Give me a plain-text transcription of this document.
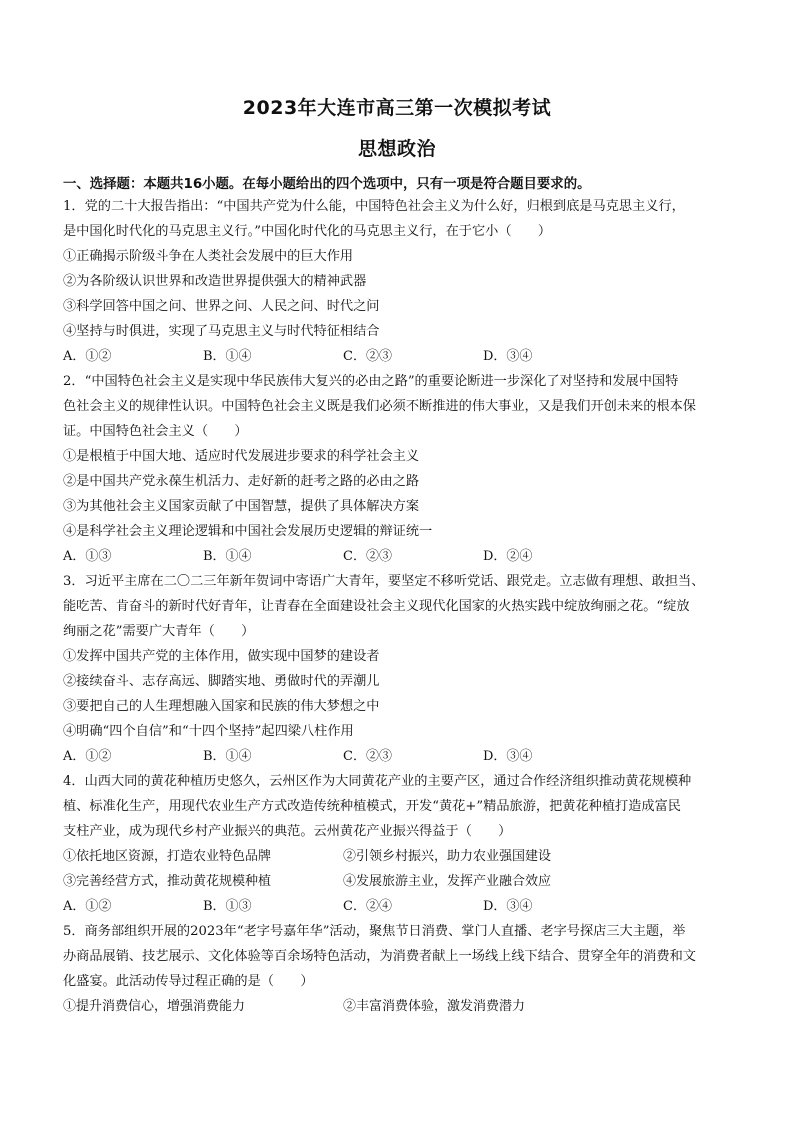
2023年大连市高三第一次模拟考试
思想政治
一、选择题：本题共16小题。在每小题给出的四个选项中，只有一项是符合题目要求的。
1．党的二十大报告指出：“中国共产党为什么能，中国特色社会主义为什么好，归根到底是马克思主义行，
是中国化时代化的马克思主义行。”中国化时代化的马克思主义行，在于它小（　　）
①正确揭示阶级斗争在人类社会发展中的巨大作用
②为各阶级认识世界和改造世界提供强大的精神武器
③科学回答中国之问、世界之问、人民之问、时代之问
④坚持与时俱进，实现了马克思主义与时代特征相结合
A．①②	B．①④	C．②③	D．③④
2．“中国特色社会主义是实现中华民族伟大复兴的必由之路”的重要论断进一步深化了对坚持和发展中国特
色社会主义的规律性认识。中国特色社会主义既是我们必须不断推进的伟大事业，又是我们开创未来的根本保
证。中国特色社会主义（　　）
①是根植于中国大地、适应时代发展进步要求的科学社会主义
②是中国共产党永葆生机活力、走好新的赶考之路的必由之路
③为其他社会主义国家贡献了中国智慧，提供了具体解决方案
④是科学社会主义理论逻辑和中国社会发展历史逻辑的辩证统一
A．①③	B．①④	C．②③	D．②④
3．习近平主席在二〇二三年新年贺词中寄语广大青年，要坚定不移听党话、跟党走。立志做有理想、敢担当、
能吃苦、肯奋斗的新时代好青年，让青春在全面建设社会主义现代化国家的火热实践中绽放绚丽之花。“绽放
绚丽之花”需要广大青年（　　）
①发挥中国共产党的主体作用，做实现中国梦的建设者
②接续奋斗、志存高远、脚踏实地、勇做时代的弄潮儿
③要把自己的人生理想融入国家和民族的伟大梦想之中
④明确“四个自信”和“十四个坚持”起四梁八柱作用
A．①②	B．①④	C．②③	D．③④
4．山西大同的黄花种植历史悠久，云州区作为大同黄花产业的主要产区，通过合作经济组织推动黄花规模种
植、标准化生产，用现代农业生产方式改造传统种植模式，开发“黄花+”精品旅游，把黄花种植打造成富民
支柱产业，成为现代乡村产业振兴的典范。云州黄花产业振兴得益于（　　）
①依托地区资源，打造农业特色品牌	②引领乡村振兴，助力农业强国建设
③完善经营方式，推动黄花规模种植	④发展旅游主业，发挥产业融合效应
A．①②	B．①③	C．②④	D．③④
5．商务部组织开展的2023年“老字号嘉年华”活动，聚焦节日消费、掌门人直播、老字号探店三大主题，举
办商品展销、技艺展示、文化体验等百余场特色活动，为消费者献上一场线上线下结合、贯穿全年的消费和文
化盛宴。此活动传导过程正确的是（　　）
①提升消费信心，增强消费能力	②丰富消费体验，激发消费潜力
